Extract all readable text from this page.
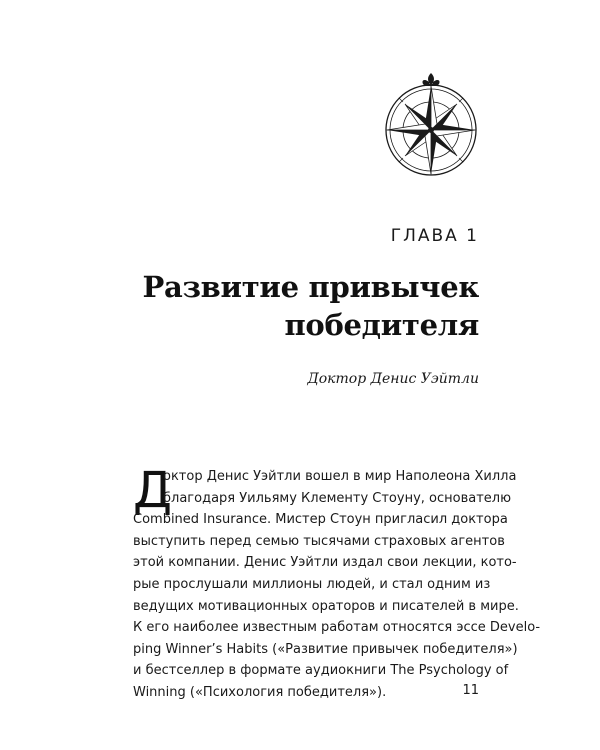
ГЛАВА 1
Развитие привычек
победителя
Доктор Денис Уэйтли
Д
октор Денис Уэйтли вошел в мир Наполеона Хилла
благодаря Уильяму Клементу Стоуну, основателю
Combined Insurance. Мистер Стоун пригласил доктора
выступить перед семью тысячами страховых агентов
этой компании. Денис Уэйтли издал свои лекции, кото-
рые прослушали миллионы людей, и стал одним из
ведущих мотивационных ораторов и писателей в мире.
К его наиболее известным работам относятся эссе Develo-
ping Winner’s Habits («Развитие привычек победителя»)
и бестселлер в формате аудиокниги The Psychology of
Winning («Психология победителя»).	11
